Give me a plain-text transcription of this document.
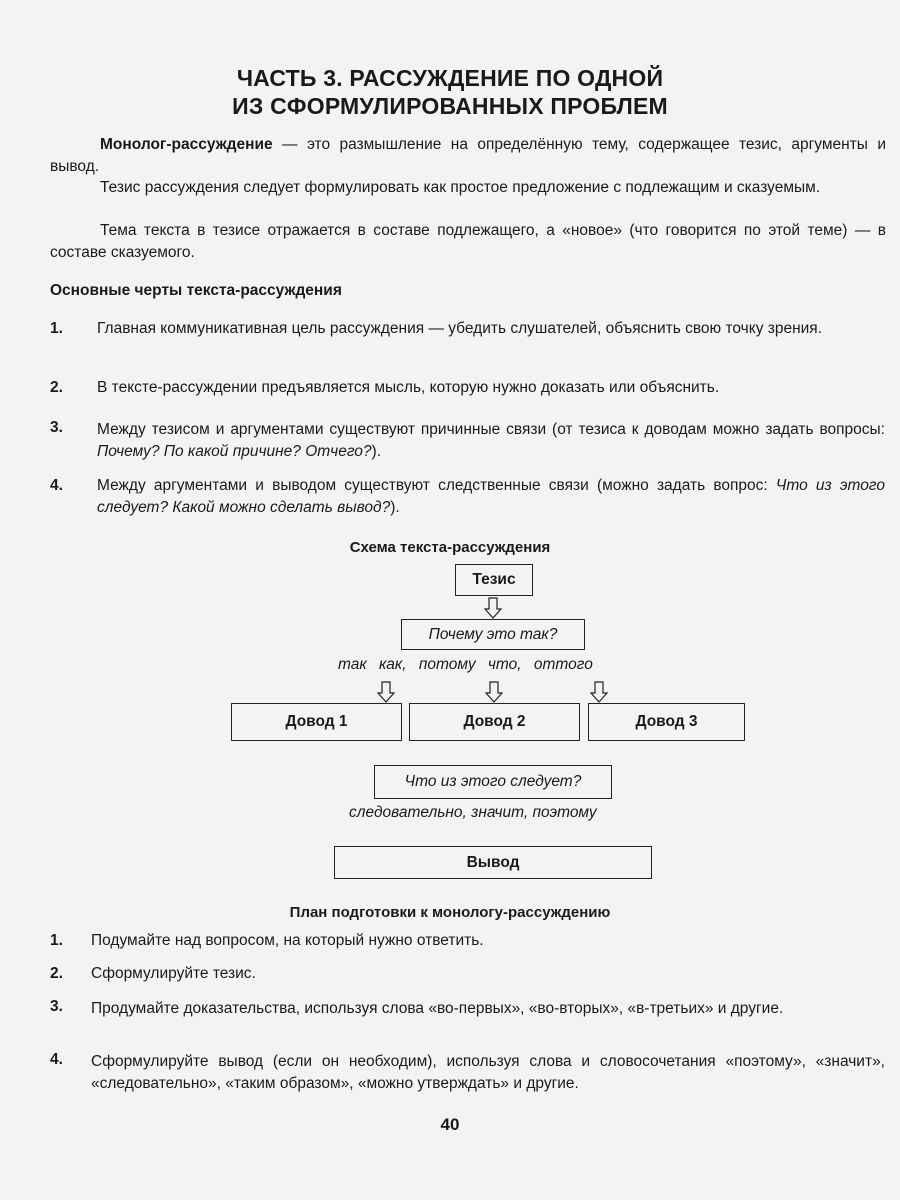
ЧАСТЬ 3. РАССУЖДЕНИЕ ПО ОДНОЙ
ИЗ СФОРМУЛИРОВАННЫХ ПРОБЛЕМ
Монолог-рассуждение — это размышление на определённую тему, содержащее тезис, аргументы и вывод.
Тезис рассуждения следует формулировать как простое предложение с подлежащим и сказуемым.
Тема текста в тезисе отражается в составе подлежащего, а «новое» (что говорится по этой теме) — в составе сказуемого.
Основные черты текста-рассуждения
1. Главная коммуникативная цель рассуждения — убедить слушателей, объяснить свою точку зрения.
2. В тексте-рассуждении предъявляется мысль, которую нужно доказать или объяснить.
3. Между тезисом и аргументами существуют причинные связи (от тезиса к доводам можно задать вопросы: Почему? По какой причине? Отчего?).
4. Между аргументами и выводом существуют следственные связи (можно задать вопрос: Что из этого следует? Какой можно сделать вывод?).
Схема текста-рассуждения
Тезис
Почему это так?
так как, потому что, оттого
Довод 1	Довод 2	Довод 3
Что из этого следует?
следовательно, значит, поэтому
Вывод
План подготовки к монологу-рассуждению
1. Подумайте над вопросом, на который нужно ответить.
2. Сформулируйте тезис.
3. Продумайте доказательства, используя слова «во-первых», «во-вторых», «в-третьих» и другие.
4. Сформулируйте вывод (если он необходим), используя слова и словосочетания «поэтому», «значит», «следовательно», «таким образом», «можно утверждать» и другие.
40
